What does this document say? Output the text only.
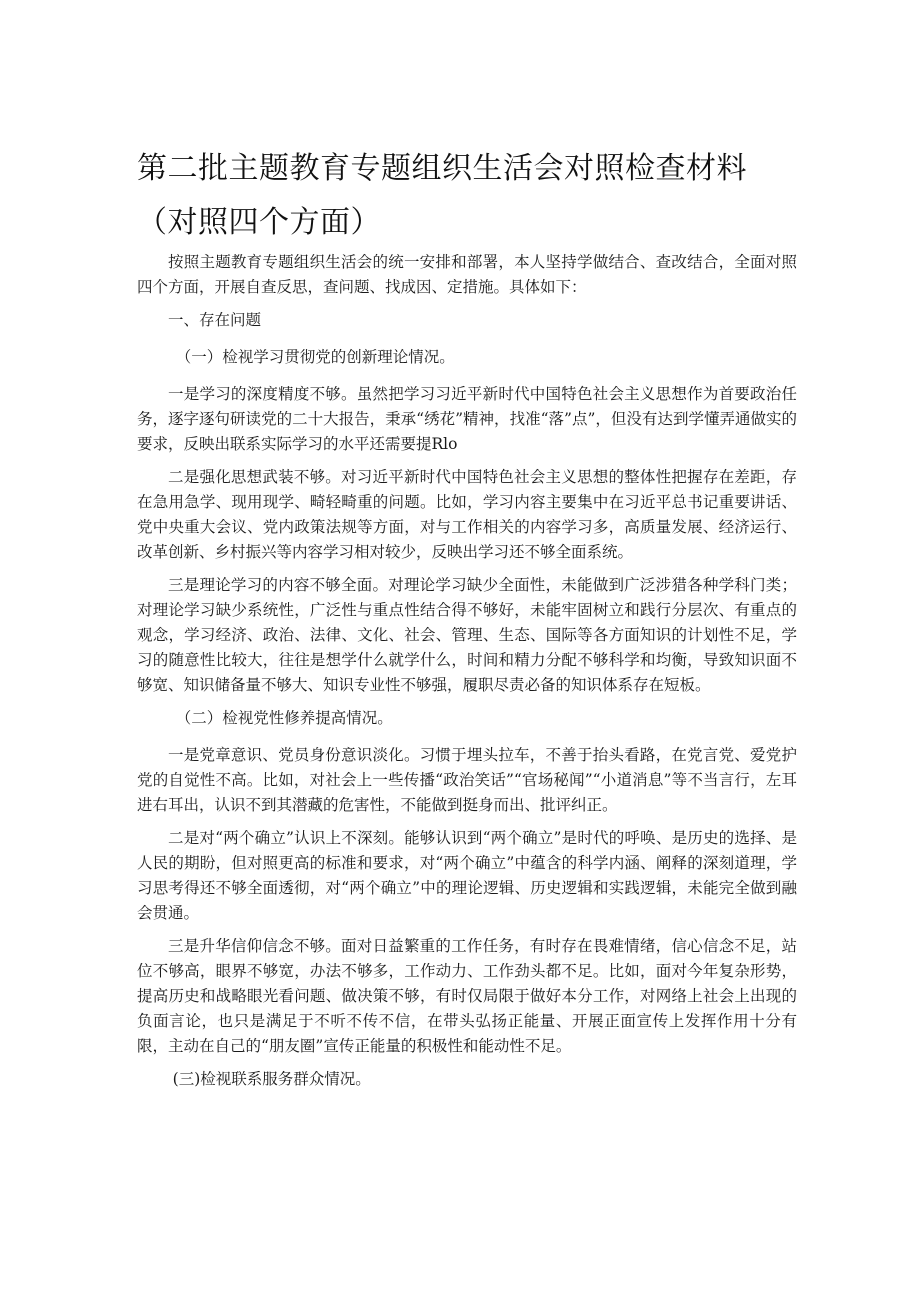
第二批主题教育专题组织生活会对照检查材料（对照四个方面）

按照主题教育专题组织生活会的统一安排和部署，本人坚持学做结合、查改结合，全面对照四个方面，开展自查反思，查问题、找成因、定措施。具体如下：

一、存在问题

（一）检视学习贯彻党的创新理论情况。

一是学习的深度精度不够。虽然把学习习近平新时代中国特色社会主义思想作为首要政治任务，逐字逐句研读党的二十大报告，秉承“绣花”精神，找准“落”点”，但没有达到学懂弄通做实的要求，反映出联系实际学习的水平还需要提Rlo

二是强化思想武装不够。对习近平新时代中国特色社会主义思想的整体性把握存在差距，存在急用急学、现用现学、畸轻畸重的问题。比如，学习内容主要集中在习近平总书记重要讲话、党中央重大会议、党内政策法规等方面，对与工作相关的内容学习多，高质量发展、经济运行、改革创新、乡村振兴等内容学习相对较少，反映出学习还不够全面系统。

三是理论学习的内容不够全面。对理论学习缺少全面性，未能做到广泛涉猎各种学科门类；对理论学习缺少系统性，广泛性与重点性结合得不够好，未能牢固树立和践行分层次、有重点的观念，学习经济、政治、法律、文化、社会、管理、生态、国际等各方面知识的计划性不足，学习的随意性比较大，往往是想学什么就学什么，时间和精力分配不够科学和均衡，导致知识面不够宽、知识储备量不够大、知识专业性不够强，履职尽责必备的知识体系存在短板。

（二）检视党性修养提高情况。

一是党章意识、党员身份意识淡化。习惯于埋头拉车，不善于抬头看路，在党言党、爱党护党的自觉性不高。比如，对社会上一些传播“政治笑话”“官场秘闻”“小道消息”等不当言行，左耳进右耳出，认识不到其潜藏的危害性，不能做到挺身而出、批评纠正。

二是对“两个确立”认识上不深刻。能够认识到“两个确立”是时代的呼唤、是历史的选择、是人民的期盼，但对照更高的标准和要求，对“两个确立”中蕴含的科学内涵、阐释的深刻道理，学习思考得还不够全面透彻，对“两个确立”中的理论逻辑、历史逻辑和实践逻辑，未能完全做到融会贯通。

三是升华信仰信念不够。面对日益繁重的工作任务，有时存在畏难情绪，信心信念不足，站位不够高，眼界不够宽，办法不够多，工作动力、工作劲头都不足。比如，面对今年复杂形势，提高历史和战略眼光看问题、做决策不够，有时仅局限于做好本分工作，对网络上社会上出现的负面言论，也只是满足于不听不传不信，在带头弘扬正能量、开展正面宣传上发挥作用十分有限，主动在自己的“朋友圈”宣传正能量的积极性和能动性不足。

(三)检视联系服务群众情况。
